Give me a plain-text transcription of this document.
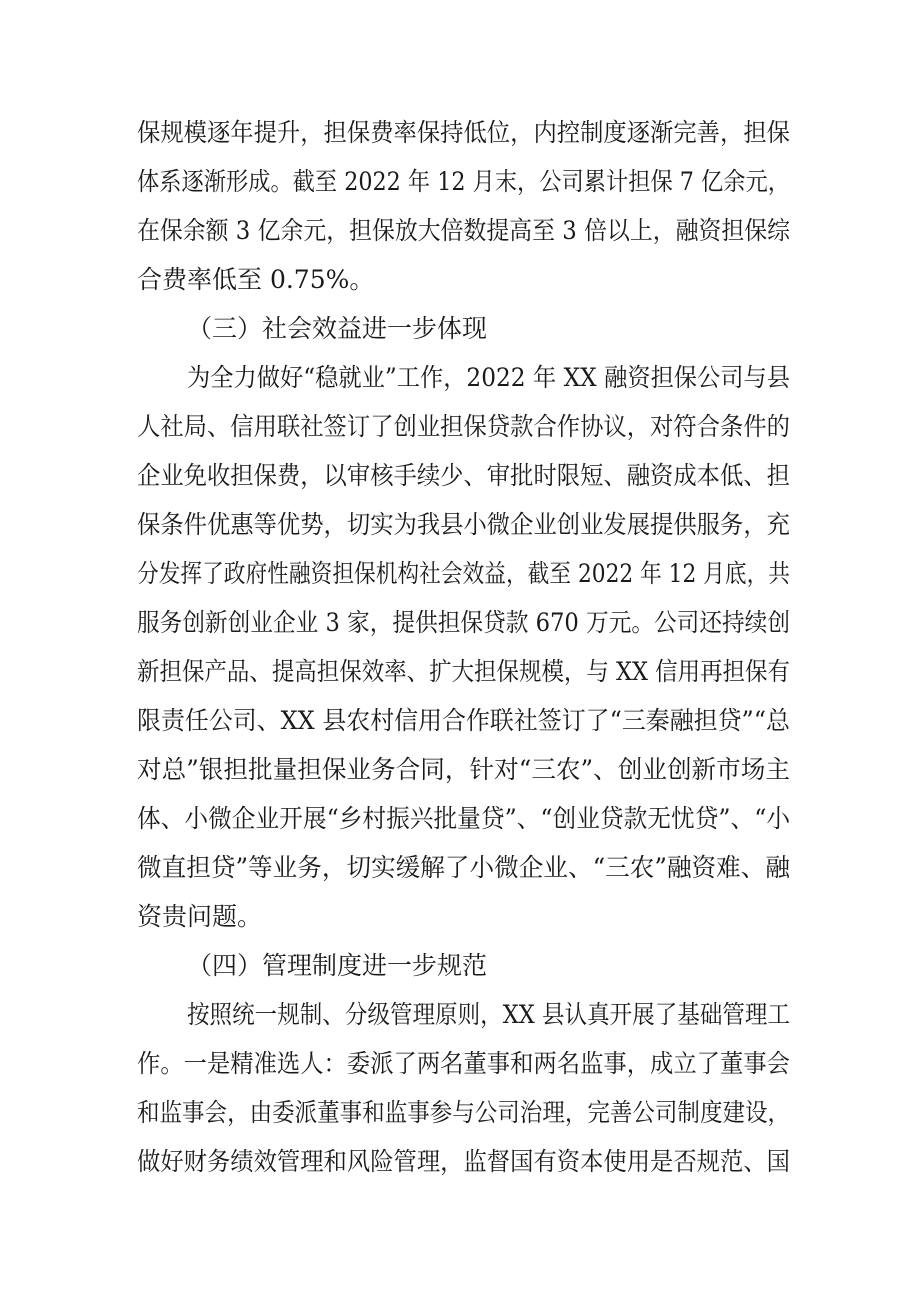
保规模逐年提升，担保费率保持低位，内控制度逐渐完善，担保
体系逐渐形成。截至 2022 年 12 月末，公司累计担保 7 亿余元，
在保余额 3 亿余元，担保放大倍数提高至 3 倍以上，融资担保综
合费率低至 0.75%。
（三）社会效益进一步体现
为全力做好“稳就业”工作，2022 年 XX 融资担保公司与县
人社局、信用联社签订了创业担保贷款合作协议，对符合条件的
企业免收担保费，以审核手续少、审批时限短、融资成本低、担
保条件优惠等优势，切实为我县小微企业创业发展提供服务，充
分发挥了政府性融资担保机构社会效益，截至 2022 年 12 月底，共
服务创新创业企业 3 家，提供担保贷款 670 万元。公司还持续创
新担保产品、提高担保效率、扩大担保规模，与 XX 信用再担保有
限责任公司、XX 县农村信用合作联社签订了“三秦融担贷”“总
对总”银担批量担保业务合同，针对“三农”、创业创新市场主
体、小微企业开展“乡村振兴批量贷”、“创业贷款无忧贷”、“小
微直担贷”等业务，切实缓解了小微企业、“三农”融资难、融
资贵问题。
（四）管理制度进一步规范
按照统一规制、分级管理原则，XX 县认真开展了基础管理工
作。一是精准选人：委派了两名董事和两名监事，成立了董事会
和监事会，由委派董事和监事参与公司治理，完善公司制度建设，
做好财务绩效管理和风险管理，监督国有资本使用是否规范、国
